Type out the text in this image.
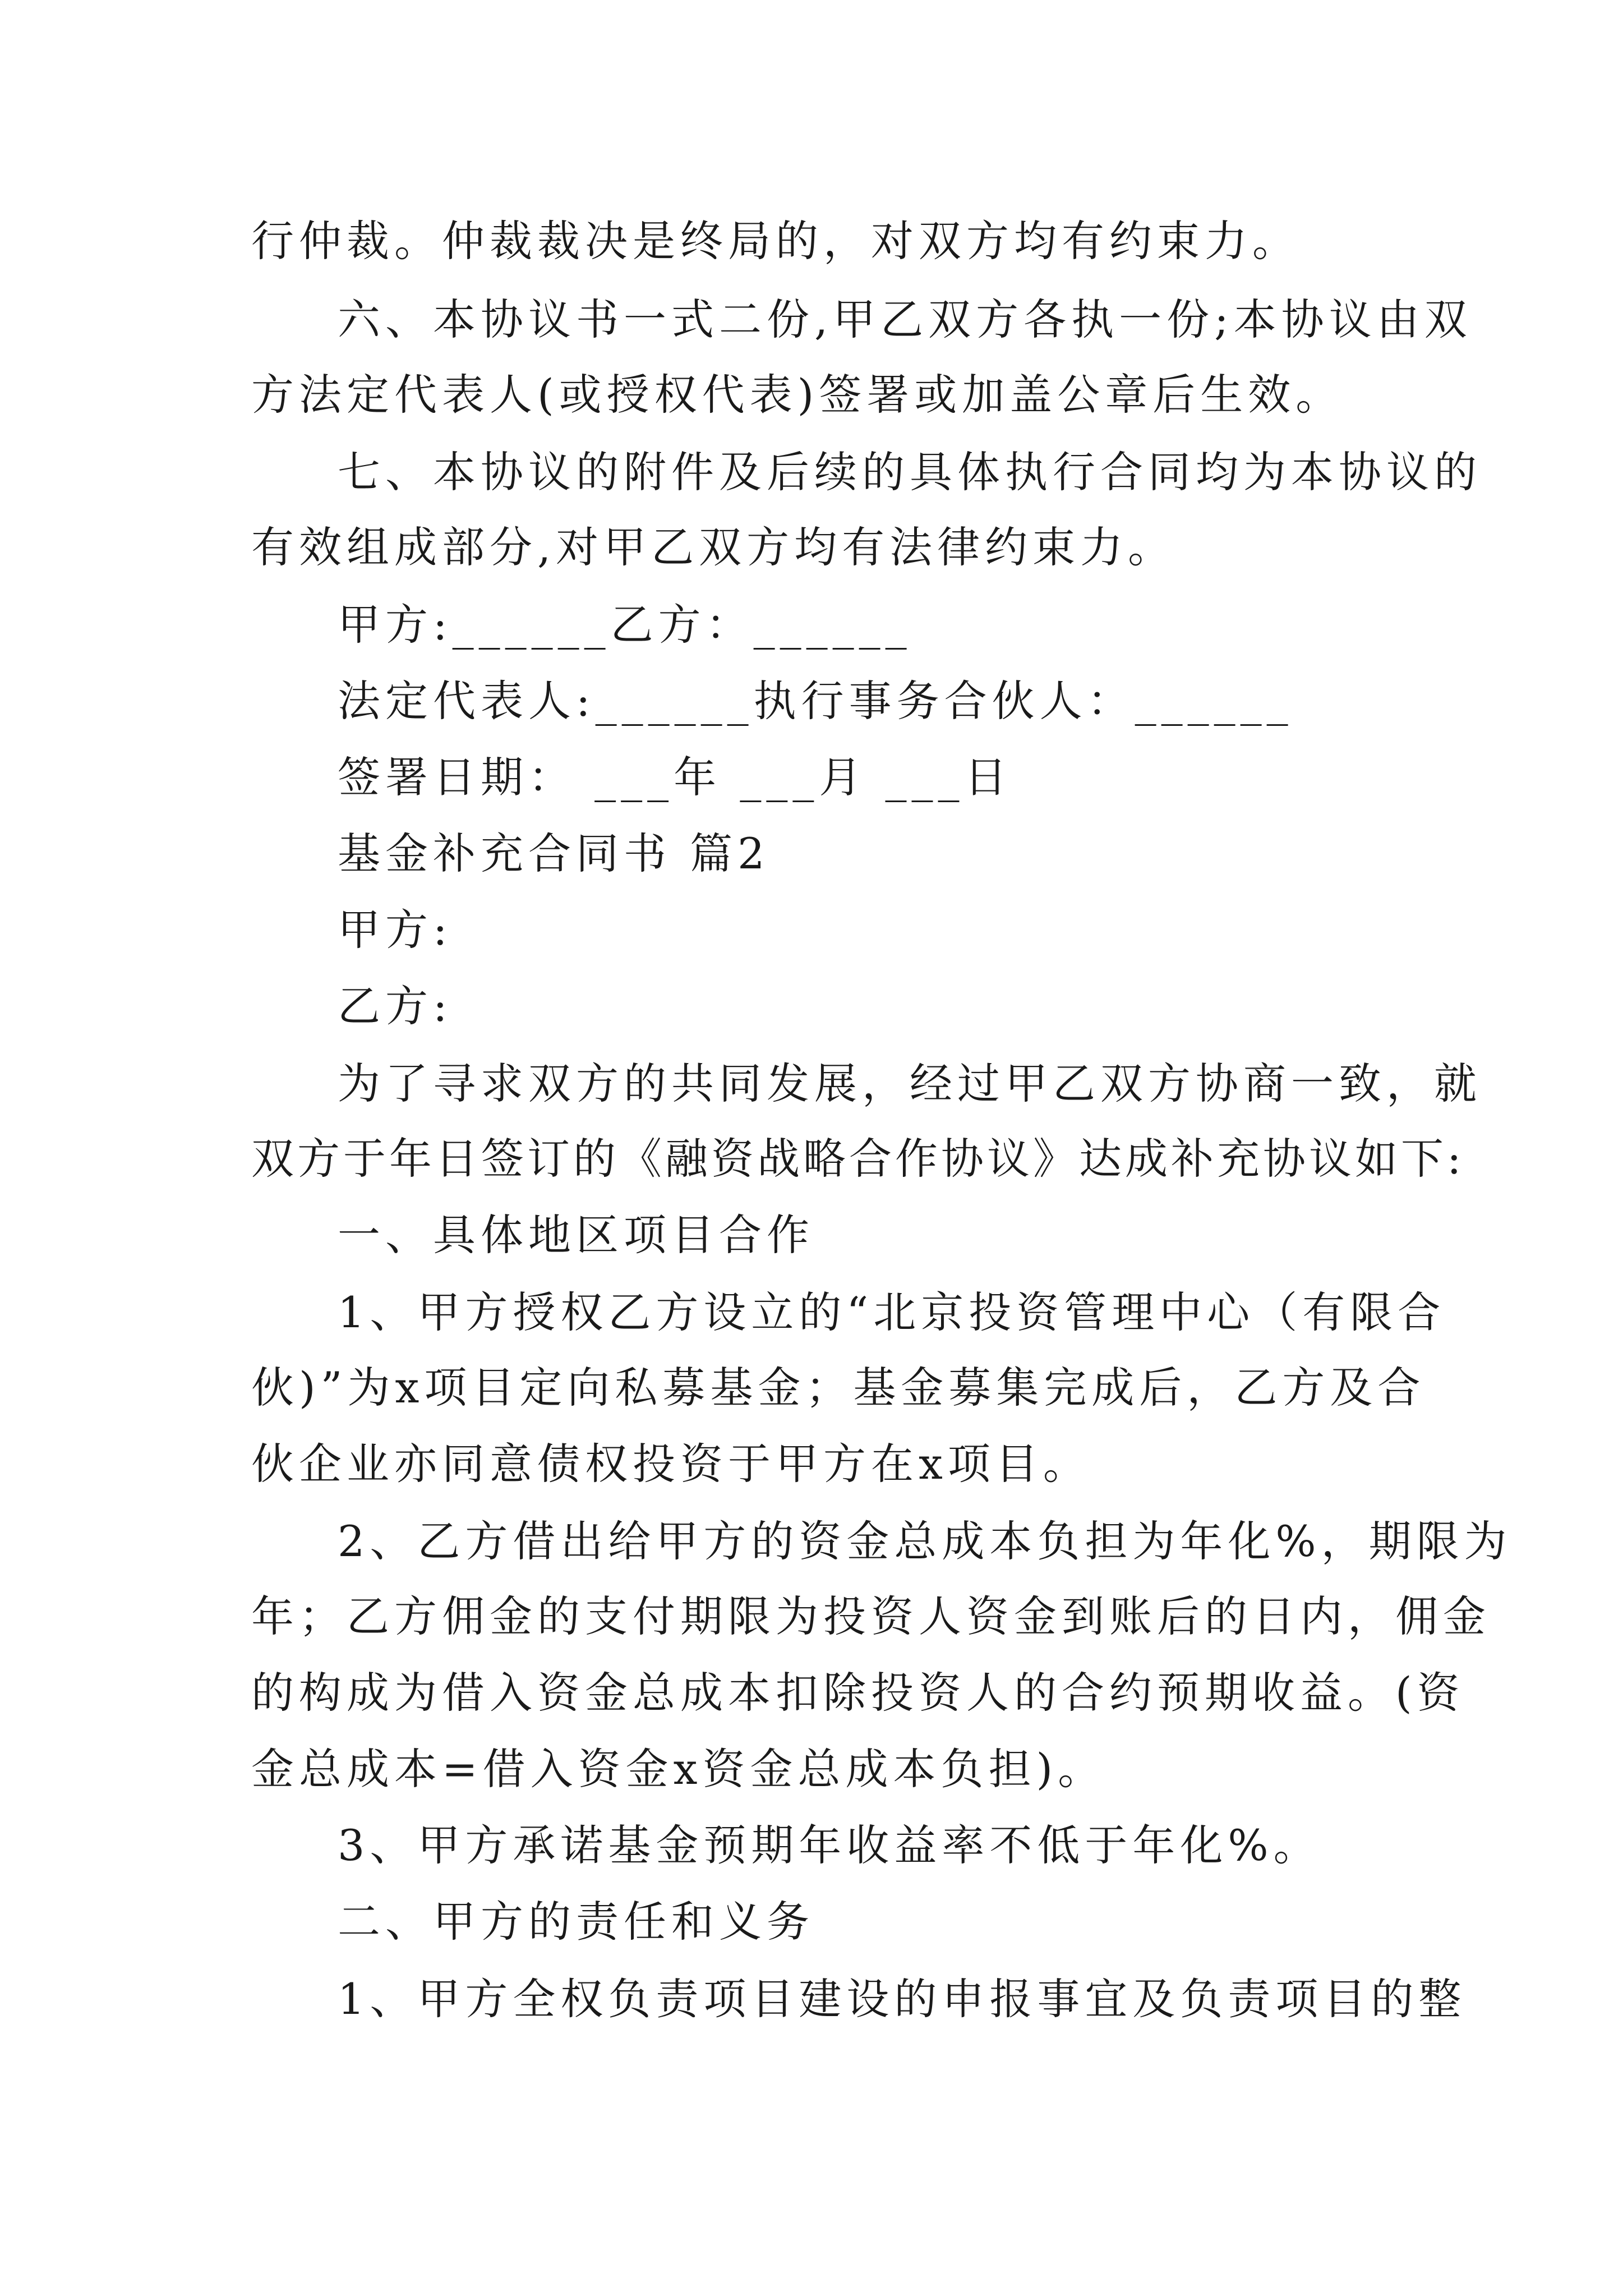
行仲裁。仲裁裁决是终局的，对双方均有约束力。
六、本协议书一式二份,甲乙双方各执一份;本协议由双
方法定代表人(或授权代表)签署或加盖公章后生效。
七、本协议的附件及后续的具体执行合同均为本协议的
有效组成部分,对甲乙双方均有法律约束力。
甲方:______乙方：______
法定代表人:______执行事务合伙人：______
签署日期： ___年 ___月 ___日
基金补充合同书 篇2
甲方:
乙方:
为了寻求双方的共同发展，经过甲乙双方协商一致，就
双方于年日签订的《融资战略合作协议》达成补充协议如下:
一、具体地区项目合作
1、甲方授权乙方设立的“北京投资管理中心（有限合
伙)”为x项目定向私募基金；基金募集完成后，乙方及合
伙企业亦同意债权投资于甲方在x项目。
2、乙方借出给甲方的资金总成本负担为年化%，期限为
年；乙方佣金的支付期限为投资人资金到账后的日内，佣金
的构成为借入资金总成本扣除投资人的合约预期收益。(资
金总成本=借入资金x资金总成本负担)。
3、甲方承诺基金预期年收益率不低于年化%。
二、甲方的责任和义务
1、甲方全权负责项目建设的申报事宜及负责项目的整
